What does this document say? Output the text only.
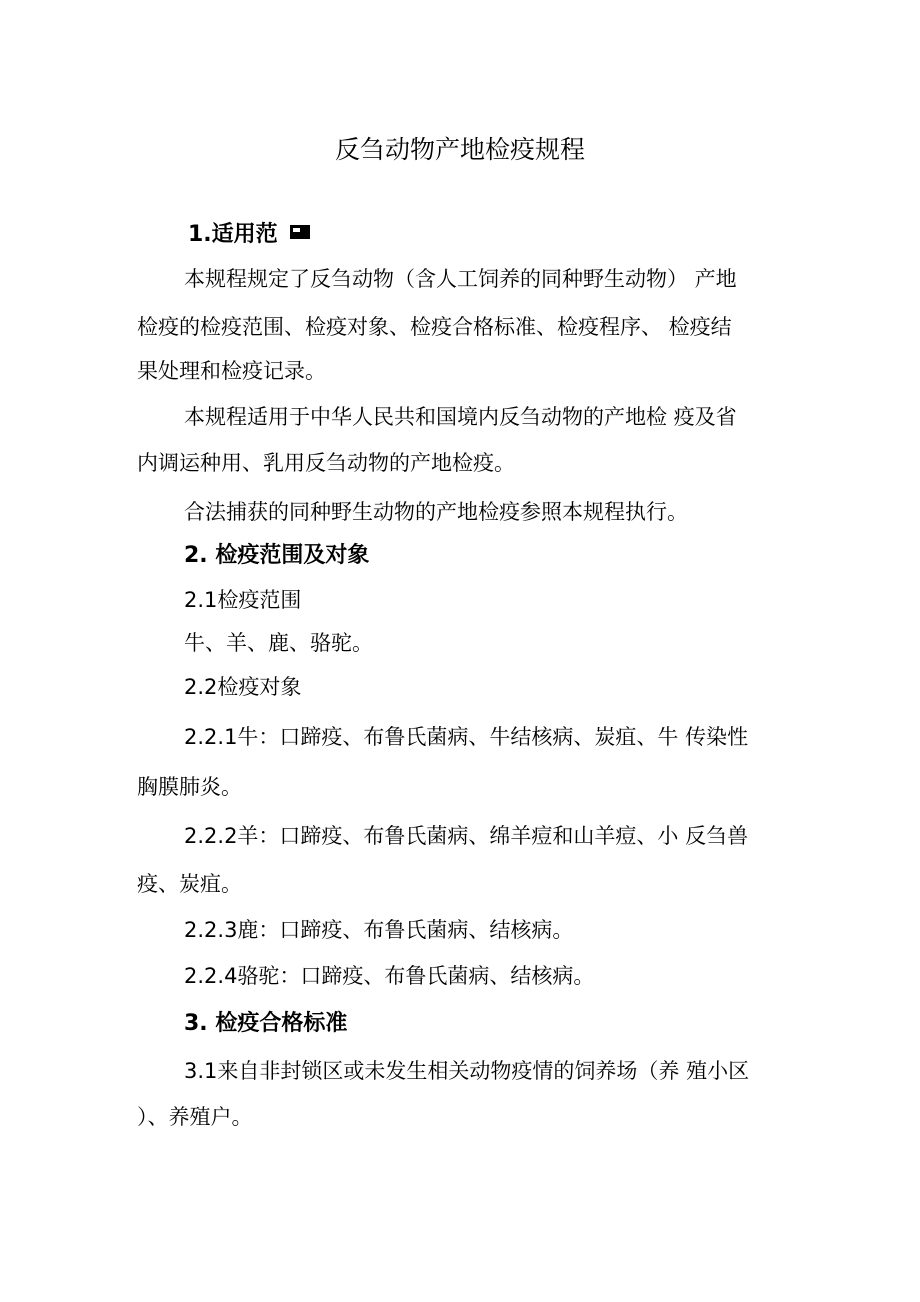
反刍动物产地检疫规程
1.适用范
本规程规定了反刍动物（含人工饲养的同种野生动物） 产地
检疫的检疫范围、检疫对象、检疫合格标准、检疫程序、 检疫结
果处理和检疫记录。
本规程适用于中华人民共和国境内反刍动物的产地检 疫及省
内调运种用、乳用反刍动物的产地检疫。
合法捕获的同种野生动物的产地检疫参照本规程执行。
2. 检疫范围及对象
2.1检疫范围
牛、羊、鹿、骆驼。
2.2检疫对象
2.2.1牛：口蹄疫、布鲁氏菌病、牛结核病、炭疽、牛 传染性
胸膜肺炎。
2.2.2羊：口蹄疫、布鲁氏菌病、绵羊痘和山羊痘、小 反刍兽
疫、炭疽。
2.2.3鹿：口蹄疫、布鲁氏菌病、结核病。
2.2.4骆驼：口蹄疫、布鲁氏菌病、结核病。
3. 检疫合格标准
3.1来自非封锁区或未发生相关动物疫情的饲养场（养 殖小区
）、养殖户。
